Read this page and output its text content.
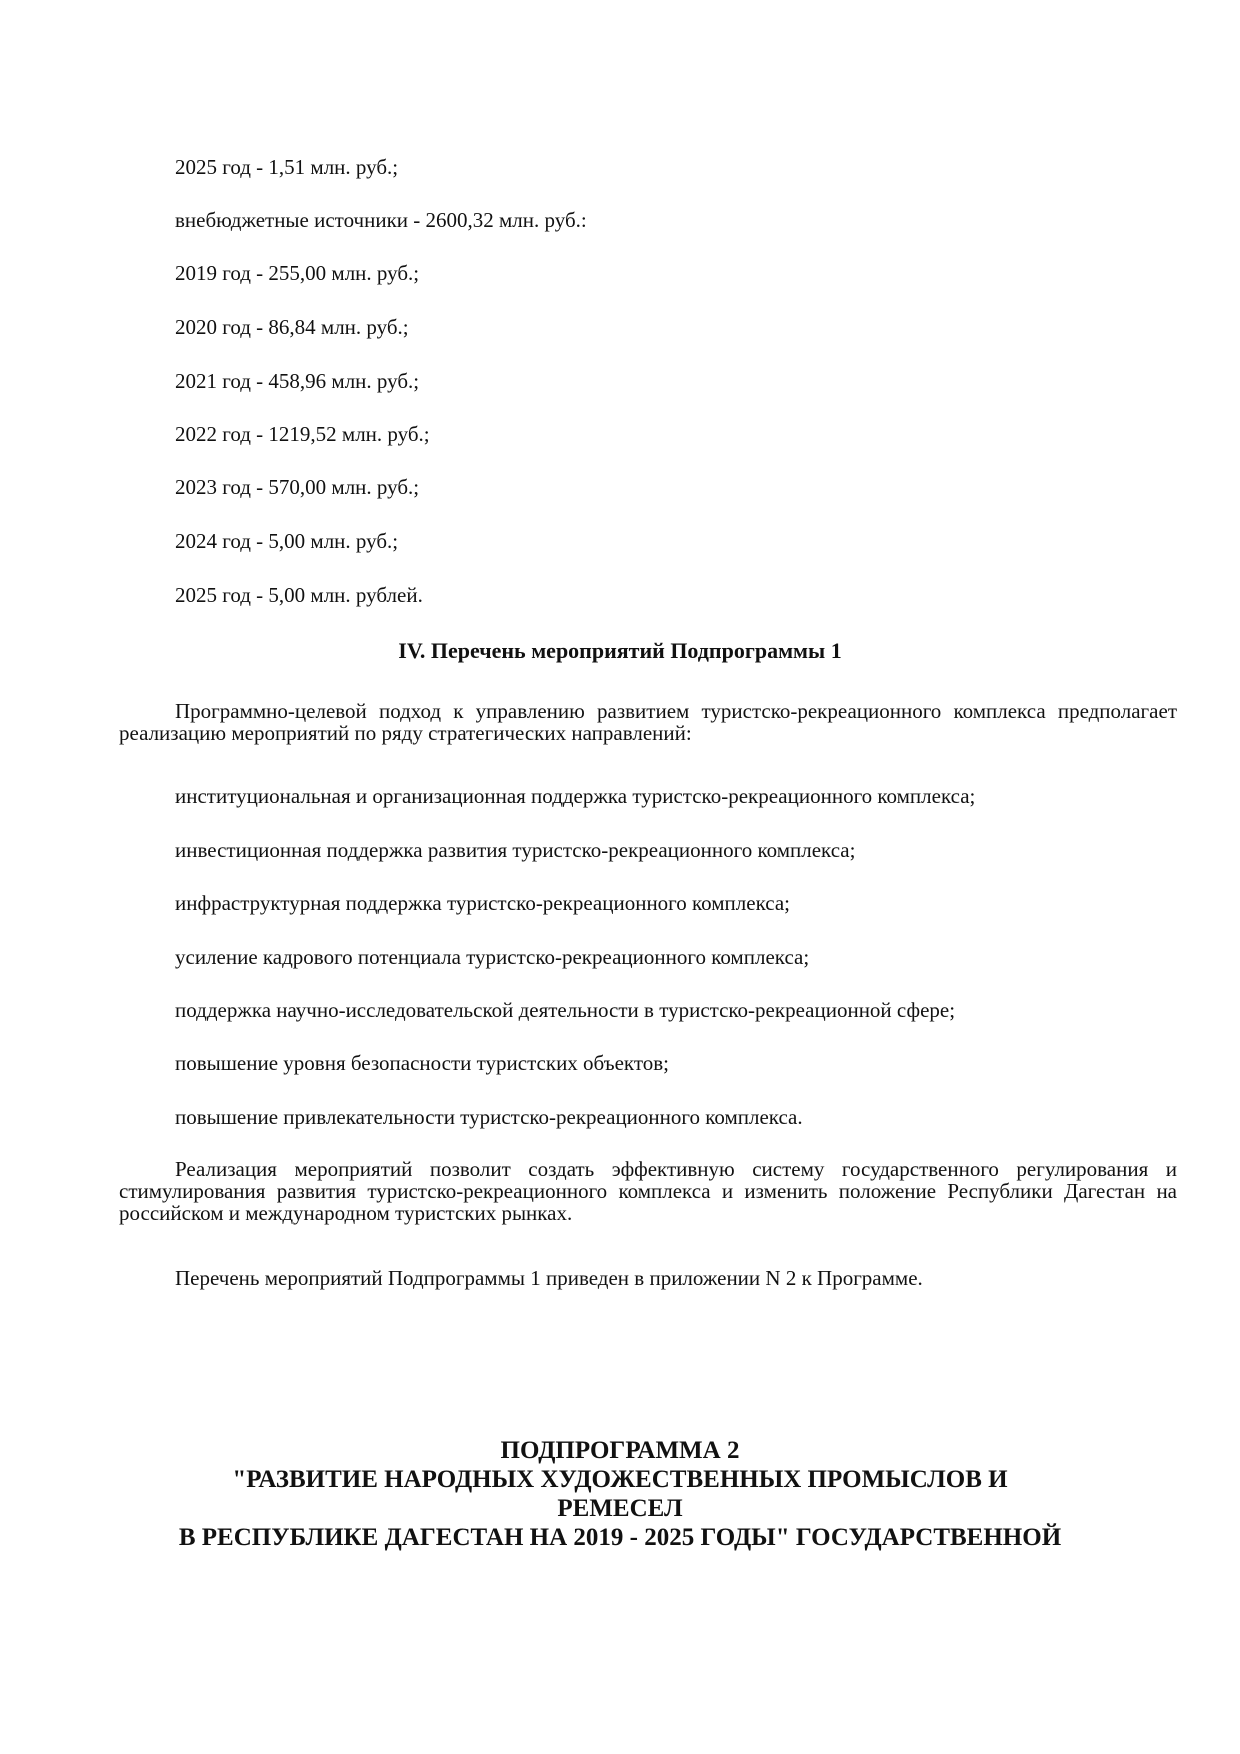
2025 год - 1,51 млн. руб.;
внебюджетные источники - 2600,32 млн. руб.:
2019 год - 255,00 млн. руб.;
2020 год - 86,84 млн. руб.;
2021 год - 458,96 млн. руб.;
2022 год - 1219,52 млн. руб.;
2023 год - 570,00 млн. руб.;
2024 год - 5,00 млн. руб.;
2025 год - 5,00 млн. рублей.
IV. Перечень мероприятий Подпрограммы 1
Программно-целевой подход к управлению развитием туристско-рекреационного комплекса предполагает реализацию мероприятий по ряду стратегических направлений:
институциональная и организационная поддержка туристско-рекреационного комплекса;
инвестиционная поддержка развития туристско-рекреационного комплекса;
инфраструктурная поддержка туристско-рекреационного комплекса;
усиление кадрового потенциала туристско-рекреационного комплекса;
поддержка научно-исследовательской деятельности в туристско-рекреационной сфере;
повышение уровня безопасности туристских объектов;
повышение привлекательности туристско-рекреационного комплекса.
Реализация мероприятий позволит создать эффективную систему государственного регулирования и стимулирования развития туристско-рекреационного комплекса и изменить положение Республики Дагестан на российском и международном туристских рынках.
Перечень мероприятий Подпрограммы 1 приведен в приложении N 2 к Программе.
ПОДПРОГРАММА 2
"РАЗВИТИЕ НАРОДНЫХ ХУДОЖЕСТВЕННЫХ ПРОМЫСЛОВ И
РЕМЕСЕЛ
В РЕСПУБЛИКЕ ДАГЕСТАН НА 2019 - 2025 ГОДЫ" ГОСУДАРСТВЕННОЙ
